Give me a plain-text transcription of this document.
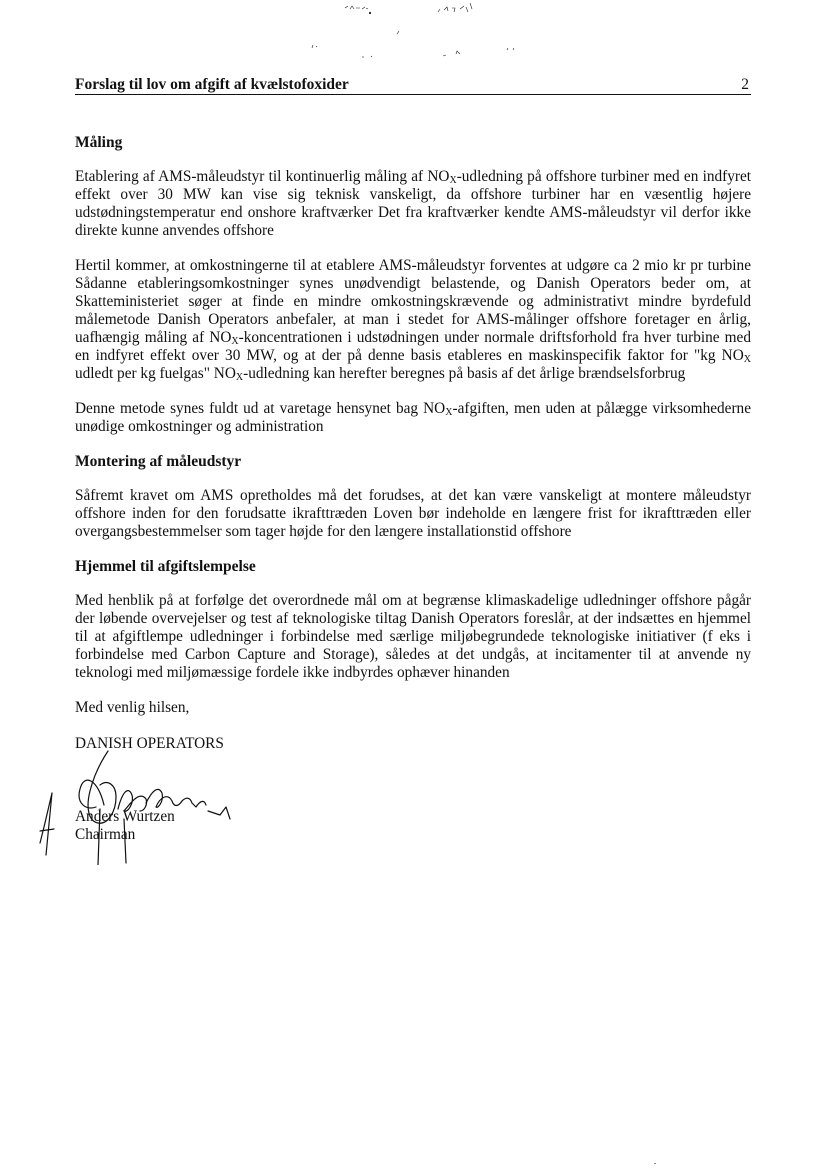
Forslag til lov om afgift af kvælstofoxider	2
Måling

Etablering af AMS-måleudstyr til kontinuerlig måling af $NO_X$-udledning på offshore turbiner med en indfyret effekt over 30 MW kan vise sig teknisk vanskeligt, da offshore turbiner har en væsentlig højere udstødningstemperatur end onshore kraftværker Det fra kraftværker kendte AMS-måleudstyr vil derfor ikke direkte kunne anvendes offshore

Hertil kommer, at omkostningerne til at etablere AMS-måleudstyr forventes at udgøre ca 2 mio kr pr turbine Sådanne etableringsomkostninger synes unødvendigt belastende, og Danish Operators beder om, at Skatteministeriet søger at finde en mindre omkostningskrævende og administrativt mindre byrdefuld målemetode Danish Operators anbefaler, at man i stedet for AMS-målinger offshore foretager en årlig, uafhængig måling af $NO_X$-koncentrationen i udstødningen under normale driftsforhold fra hver turbine med en indfyret effekt over 30 MW, og at der på denne basis etableres en maskinspecifik faktor for "kg $NO_X$ udledt per kg fuelgas" $NO_X$-udledning kan herefter beregnes på basis af det årlige brændselsforbrug

Denne metode synes fuldt ud at varetage hensynet bag $NO_X$-afgiften, men uden at pålægge virksomhederne unødige omkostninger og administration

Montering af måleudstyr

Såfremt kravet om AMS opretholdes må det forudses, at det kan være vanskeligt at montere måleudstyr offshore inden for den forudsatte ikrafttræden Loven bør indeholde en længere frist for ikrafttræden eller overgangsbestemmelser som tager højde for den længere installationstid offshore

Hjemmel til afgiftslempelse

Med henblik på at forfølge det overordnede mål om at begrænse klimaskadelige udledninger offshore pågår der løbende overvejelser og test af teknologiske tiltag Danish Operators foreslår, at der indsættes en hjemmel til at afgiftlempe udledninger i forbindelse med særlige miljøbegrundede teknologiske initiativer (f eks i forbindelse med Carbon Capture and Storage), således at det undgås, at incitamenter til at anvende ny teknologi med miljømæssige fordele ikke indbyrdes ophæver hinanden

Med venlig hilsen,

DANISH OPERATORS
Anders Wurtzen
Chairman
